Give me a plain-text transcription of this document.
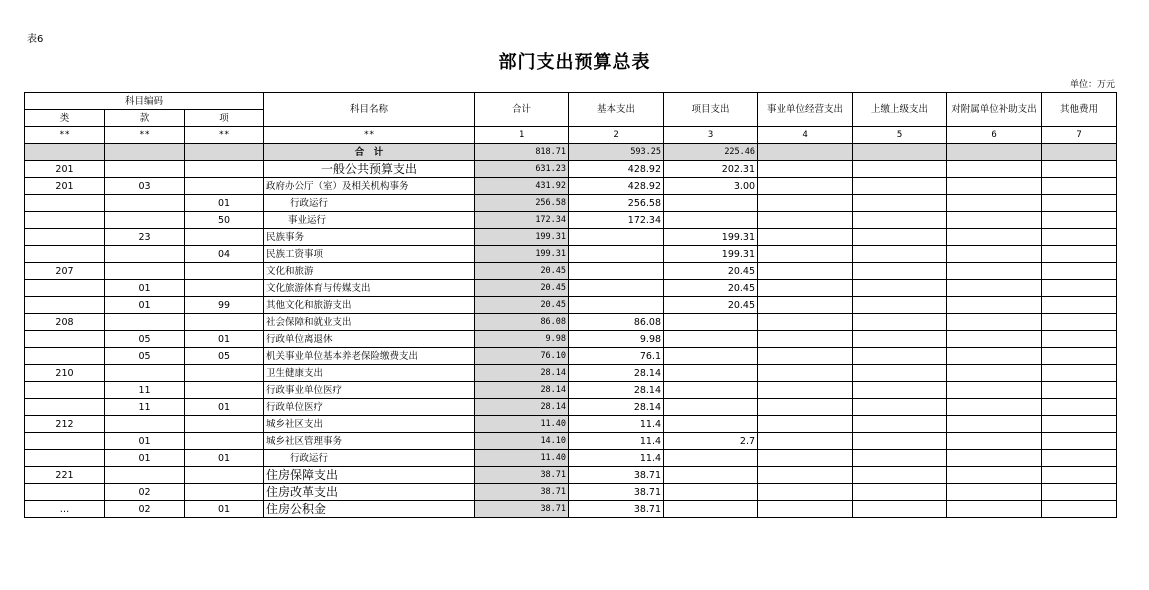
表6
部门支出预算总表
单位：万元
科目编码			科目名称	合计	基本支出	项目支出	事业单位经营支出	上缴上级支出	对附属单位补助支出	其他费用
类	款	项								
**	**	**	**	1	2	3	4	5	6	7
			合　计	818.71	593.25	225.46				
201			一般公共预算支出	631.23	428.92	202.31				
201	03		政府办公厅（室）及相关机构事务	431.92	428.92	3.00				
		01	行政运行	256.58	256.58					
		50	事业运行	172.34	172.34					
	23		民族事务	199.31		199.31				
		04	民族工资事项	199.31		199.31				
207			文化和旅游	20.45		20.45				
	01		文化旅游体育与传媒支出	20.45		20.45				
	01	99	其他文化和旅游支出	20.45		20.45				
208			社会保障和就业支出	86.08	86.08					
	05	01	行政单位离退休	9.98	9.98					
	05	05	机关事业单位基本养老保险缴费支出	76.10	76.1					
210			卫生健康支出	28.14	28.14					
	11		行政事业单位医疗	28.14	28.14					
	11	01	行政单位医疗	28.14	28.14					
212			城乡社区支出	11.40	11.4					
	01		城乡社区管理事务	14.10	11.4	2.7				
	01	01	行政运行	11.40	11.4					
221			住房保障支出	38.71	38.71					
	02		住房改革支出	38.71	38.71					
…	02	01	住房公积金	38.71	38.71					
